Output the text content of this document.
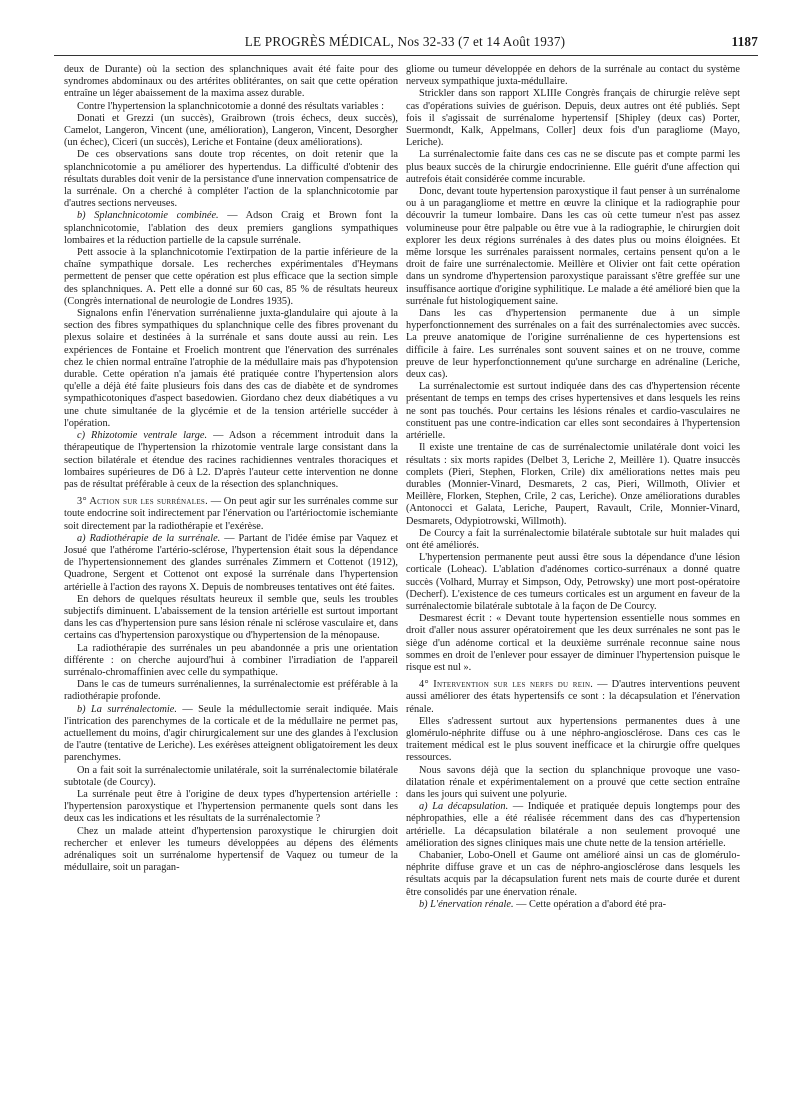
LE PROGRÈS MÉDICAL, Nos 32-33 (7 et 14 Août 1937)	1187

deux de Durante) où la section des splanchniques avait été faite pour des syndromes abdominaux ou des artérites oblitérantes, on sait que cette opération entraîne un léger abaissement de la maxima assez durable.

Contre l'hypertension la splanchnicotomie a donné des résultats variables :

Donati et Grezzi (un succès), Graibrown (trois échecs, deux succès), Camelot, Langeron, Vincent (une, amélioration), Langeron, Vincent, Desorgher (un échec), Ciceri (un succès), Leriche et Fontaine (deux améliorations).

De ces observations sans doute trop récentes, on doit retenir que la splanchnicotomie a pu améliorer des hypertendus. La difficulté d'obtenir des résultats durables doit venir de la persistance d'une innervation compensatrice de la surrénale. On a cherché à compléter l'action de la splanchnicotomie par d'autres sections nerveuses.

b) Splanchnicotomie combinée. — Adson Craig et Brown font la splanchnicotomie, l'ablation des deux premiers ganglions sympathiques lombaires et la réduction partielle de la capsule surrénale.

Pett associe à la splanchnicotomie l'extirpation de la partie inférieure de la chaîne sympathique dorsale. Les recherches expérimentales d'Heymans permettent de penser que cette opération est plus efficace que la section simple des splanchniques. A. Pett elle a donné sur 60 cas, 85 % de résultats heureux (Congrès international de neurologie de Londres 1935).

Signalons enfin l'énervation surrénalienne juxta-glandulaire qui ajoute à la section des fibres sympathiques du splanchnique celle des fibres provenant du plexus solaire et destinées à la surrénale et sans doute aussi au rein. Les expériences de Fontaine et Froelich montrent que l'énervation des surrénales chez le chien normal entraîne l'atrophie de la médullaire mais pas d'hypotension durable. Cette opération n'a jamais été pratiquée contre l'hypertension alors qu'elle a déjà été faite plusieurs fois dans des cas de diabète et de syndromes sympathicotoniques d'aspect basedowien. Giordano chez deux diabétiques a vu une chute simultanée de la glycémie et de la tension artérielle succéder à l'opération.

c) Rhizotomie ventrale large. — Adson a récemment introduit dans la thérapeutique de l'hypertension la rhizotomie ventrale large consistant dans la section bilatérale et étendue des racines rachidiennes ventrales thoraciques et lombaires supérieures de D6 à L2. D'après l'auteur cette intervention ne donne pas de résultat préférable à ceux de la résection des splanchniques.

3° Action sur les surrénales. — On peut agir sur les surrénales comme sur toute endocrine soit indirectement par l'énervation ou l'artérioctomie ischemiante soit directement par la radiothérapie et l'exérèse.

a) Radiothérapie de la surrénale. — Partant de l'idée émise par Vaquez et Josué que l'athérome l'artério-sclérose, l'hypertension était sous la dépendance de l'hypertensionnement des glandes surrénales Zimmern et Cottenot (1912), Quadrone, Sergent et Cottenot ont exposé la surrénale dans l'hypertension artérielle à l'action des rayons X. Depuis de nombreuses tentatives ont été faites.

En dehors de quelques résultats heureux il semble que, seuls les troubles subjectifs diminuent. L'abaissement de la tension artérielle est surtout important dans les cas d'hypertension pure sans lésion rénale ni sclérose vasculaire et, dans certains cas d'hypertension paroxystique ou d'hypertension de la ménopause.

La radiothérapie des surrénales un peu abandonnée a pris une orientation différente : on cherche aujourd'hui à combiner l'irradiation de l'appareil surrénalo-chromaffinien avec celle du sympathique.

Dans le cas de tumeurs surrénaliennes, la surrénalectomie est préférable à la radiothérapie profonde.

b) La surrénalectomie. — Seule la médullectomie serait indiquée. Mais l'intrication des parenchymes de la corticale et de la médullaire ne permet pas, actuellement du moins, d'agir chirurgicalement sur une des glandes à l'exclusion de l'autre (tentative de Leriche). Les exérèses atteignent obligatoirement les deux parenchymes.

On a fait soit la surrénalectomie unilatérale, soit la surrénalectomie bilatérale subtotale (de Courcy).

La surrénale peut être à l'origine de deux types d'hypertension artérielle : l'hypertension paroxystique et l'hypertension permanente quels sont dans les deux cas les indications et les résultats de la surrénalectomie ?

Chez un malade atteint d'hypertension paroxystique le chirurgien doit rechercher et enlever les tumeurs développées au dépens des éléments adrénaliques soit un surrénalome hypertensif de Vaquez ou tumeur de la médullaire, soit un paragan-

gliome ou tumeur développée en dehors de la surrénale au contact du système nerveux sympathique juxta-médullaire.

Strickler dans son rapport XLIIIe Congrès français de chirurgie relève sept cas d'opérations suivies de guérison. Depuis, deux autres ont été publiés. Sept fois il s'agissait de surrénalome hypertensif [Shipley (deux cas) Porter, Suermondt, Kalk, Appelmans, Coller] deux fois d'un paragliome (Mayo, Leriche).

La surrénalectomie faite dans ces cas ne se discute pas et compte parmi les plus beaux succès de la chirurgie endocrinienne. Elle guérit d'une affection qui autrefois était considérée comme incurable.

Donc, devant toute hypertension paroxystique il faut penser à un surrénalome ou à un paragangliome et mettre en œuvre la clinique et la radiographie pour découvrir la tumeur lombaire. Dans les cas où cette tumeur n'est pas assez volumineuse pour être palpable ou être vue à la radiographie, le chirurgien doit explorer les deux régions surrénales à des dates plus ou moins éloignées. Et même lorsque les surrénales paraissent normales, certains pensent qu'on a le droit de faire une surrénalectomie. Meillère et Olivier ont fait cette opération dans un syndrome d'hypertension paroxystique paraissant s'être greffée sur une insuffisance aortique d'origine syphilitique. Le malade a été amélioré bien que la surrénale fut histologiquement saine.

Dans les cas d'hypertension permanente due à un simple hyperfonctionnement des surrénales on a fait des surrénalectomies avec succès. La preuve anatomique de l'origine surrénalienne de ces hypertensions est difficile à faire. Les surrénales sont souvent saines et on ne trouve, comme preuve de leur hyperfonctionnement qu'une surcharge en adrénaline (Leriche, deux cas).

La surrénalectomie est surtout indiquée dans des cas d'hypertension récente présentant de temps en temps des crises hypertensives et dans lesquels les reins ne sont pas touchés. Pour certains les lésions rénales et cardio-vasculaires ne constituent pas une contre-indication car elles sont secondaires à l'hypertension artérielle.

Il existe une trentaine de cas de surrénalectomie unilatérale dont voici les résultats : six morts rapides (Delbet 3, Leriche 2, Meillère 1). Quatre insuccès complets (Pieri, Stephen, Florken, Crile) dix améliorations nettes mais peu durables (Monnier-Vinard, Desmarets, 2 cas, Pieri, Willmoth, Olivier et Meillère, Florken, Stephen, Crile, 2 cas, Leriche). Onze améliorations durables (Antonocci et Galata, Leriche, Paupert, Ravault, Crile, Monnier-Vinard, Desmarets, Odypiotrowski, Willmoth).

De Courcy a fait la surrénalectomie bilatérale subtotale sur huit malades qui ont été améliorés.

L'hypertension permanente peut aussi être sous la dépendance d'une lésion corticale (Loheac). L'ablation d'adénomes cortico-surrénaux a donné quatre succès (Volhard, Murray et Simpson, Ody, Petrowsky) une mort post-opératoire (Decherf). L'existence de ces tumeurs corticales est un argument en faveur de la surrénalectomie bilatérale subtotale à la façon de De Courcy.

Desmarest écrit : « Devant toute hypertension essentielle nous sommes en droit d'aller nous assurer opératoirement que les deux surrénales ne sont pas le siège d'un adénome cortical et la deuxième surrénale reconnue saine nous sommes en droit de l'enlever pour essayer de diminuer l'hypertension puisque le risque est nul ».

4° Intervention sur les nerfs du rein. — D'autres interventions peuvent aussi améliorer des états hypertensifs ce sont : la décapsulation et l'énervation rénale.

Elles s'adressent surtout aux hypertensions permanentes dues à une glomérulo-néphrite diffuse ou à une néphro-angiosclérose. Dans ces cas le traitement médical est le plus souvent inefficace et la chirurgie offre quelques ressources.

Nous savons déjà que la section du splanchnique provoque une vaso-dilatation rénale et expérimentalement on a prouvé que cette section entraîne dans les jours qui suivent une polyurie.

a) La décapsulation. — Indiquée et pratiquée depuis longtemps pour des néphropathies, elle a été réalisée récemment dans des cas d'hypertension artérielle. La décapsulation bilatérale a non seulement provoqué une amélioration des signes cliniques mais une chute nette de la tension artérielle.

Chabanier, Lobo-Onell et Gaume ont amélioré ainsi un cas de glomérulo-néphrite diffuse grave et un cas de néphro-angiosclérose dans lesquels les résultats acquis par la décapsulation furent nets mais de courte durée et durent être consolidés par une énervation rénale.

b) L'énervation rénale. — Cette opération a d'abord été pra-
